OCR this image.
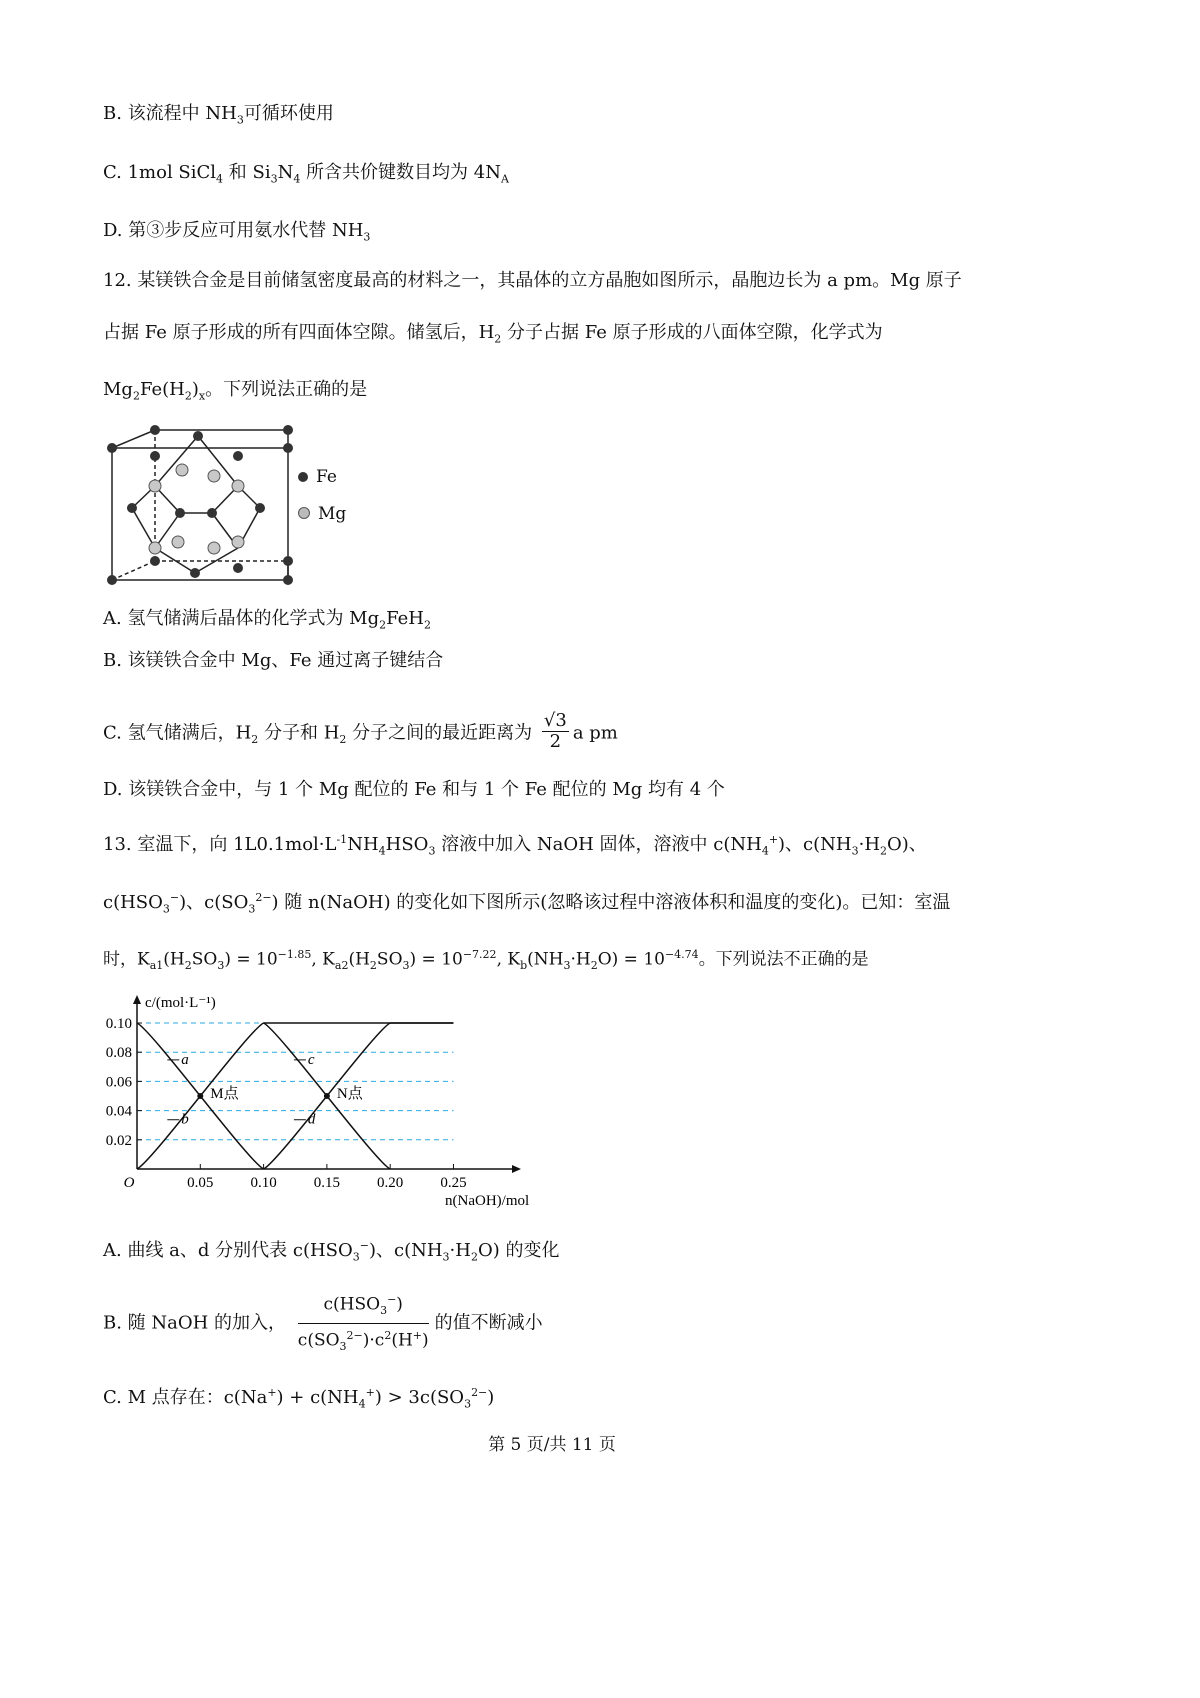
B. 该流程中 $NH_3$可循环使用
C. 1mol SiCl$_4$ 和 $Si_3N_4$ 所含共价键数目均为 $4N_A$
D. 第③步反应可用氨水代替 $NH_3$
12. 某镁铁合金是目前储氢密度最高的材料之一，其晶体的立方晶胞如图所示，晶胞边长为 a pm。Mg 原子
占据 Fe 原子形成的所有四面体空隙。储氢后，$H_2$ 分子占据 Fe 原子形成的八面体空隙，化学式为
$Mg_2Fe(H_2)_x$。下列说法正确的是
Fe
Mg
A. 氢气储满后晶体的化学式为 $Mg_2FeH_2$
B. 该镁铁合金中 Mg、Fe 通过离子键结合
C. 氢气储满后，$H_2$ 分子和 $H_2$ 分子之间的最近距离为 $\frac{√3}{2}$ a pm
D. 该镁铁合金中，与 1 个 Mg 配位的 Fe 和与 1 个 Fe 配位的 Mg 均有 4 个
13. 室温下，向 $1L0.1mol\cdot L^{-1}NH_4HSO_3$ 溶液中加入 NaOH 固体，溶液中 $c(NH_4^+)$、$c(NH_3\cdot H_2O)$、
$c(HSO_3^-)$、$c(SO_3^{2-})$ 随 n(NaOH) 的变化如下图所示(忽略该过程中溶液体积和温度的变化)。已知：室温
时，$K_{a1}(H_2SO_3) = 10^{-1.85}$, $K_{a2}(H_2SO_3) = 10^{-7.22}$, $K_b(NH_3\cdot H_2O) = 10^{-4.74}$。下列说法不正确的是
0.10
0.08
0.06
0.04
0.02
0.05 0.10 0.15 0.20 0.25
O
c/(mol·L⁻¹)
n(NaOH)/mol
a
b
c
d
M点	N点
A. 曲线 a、d 分别代表 $c(HSO_3^-)$、$c(NH_3\cdot H_2O)$ 的变化
B. 随 NaOH 的加入，
$c(HSO_3^-)$
$c(SO_3^{2-})\cdot c^2(H^+)$
的值不断减小
C. M 点存在：$c(Na^+) + c(NH_4^+) > 3c(SO_3^{2-})$
第 5 页/共 11 页
